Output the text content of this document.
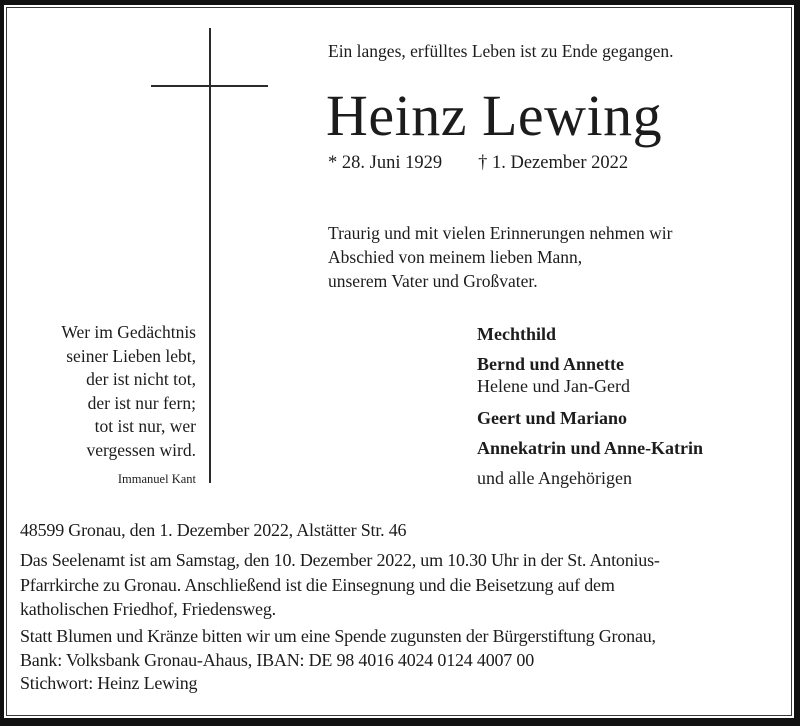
Ein langes, erfülltes Leben ist zu Ende gegangen.
Heinz Lewing
* 28. Juni 1929 † 1. Dezember 2022
Traurig und mit vielen Erinnerungen nehmen wir
Abschied von meinem lieben Mann,
unserem Vater und Großvater.
Wer im Gedächtnis
seiner Lieben lebt,
der ist nicht tot,
der ist nur fern;
tot ist nur, wer
vergessen wird.
Immanuel Kant
Mechthild
Bernd und Annette
Helene und Jan-Gerd
Geert und Mariano
Annekatrin und Anne-Katrin
und alle Angehörigen
48599 Gronau, den 1. Dezember 2022, Alstätter Str. 46
Das Seelenamt ist am Samstag, den 10. Dezember 2022, um 10.30 Uhr in der St. Antonius-
Pfarrkirche zu Gronau. Anschließend ist die Einsegnung und die Beisetzung auf dem
katholischen Friedhof, Friedensweg.
Statt Blumen und Kränze bitten wir um eine Spende zugunsten der Bürgerstiftung Gronau,
Bank: Volksbank Gronau-Ahaus, IBAN: DE 98 4016 4024 0124 4007 00
Stichwort: Heinz Lewing
